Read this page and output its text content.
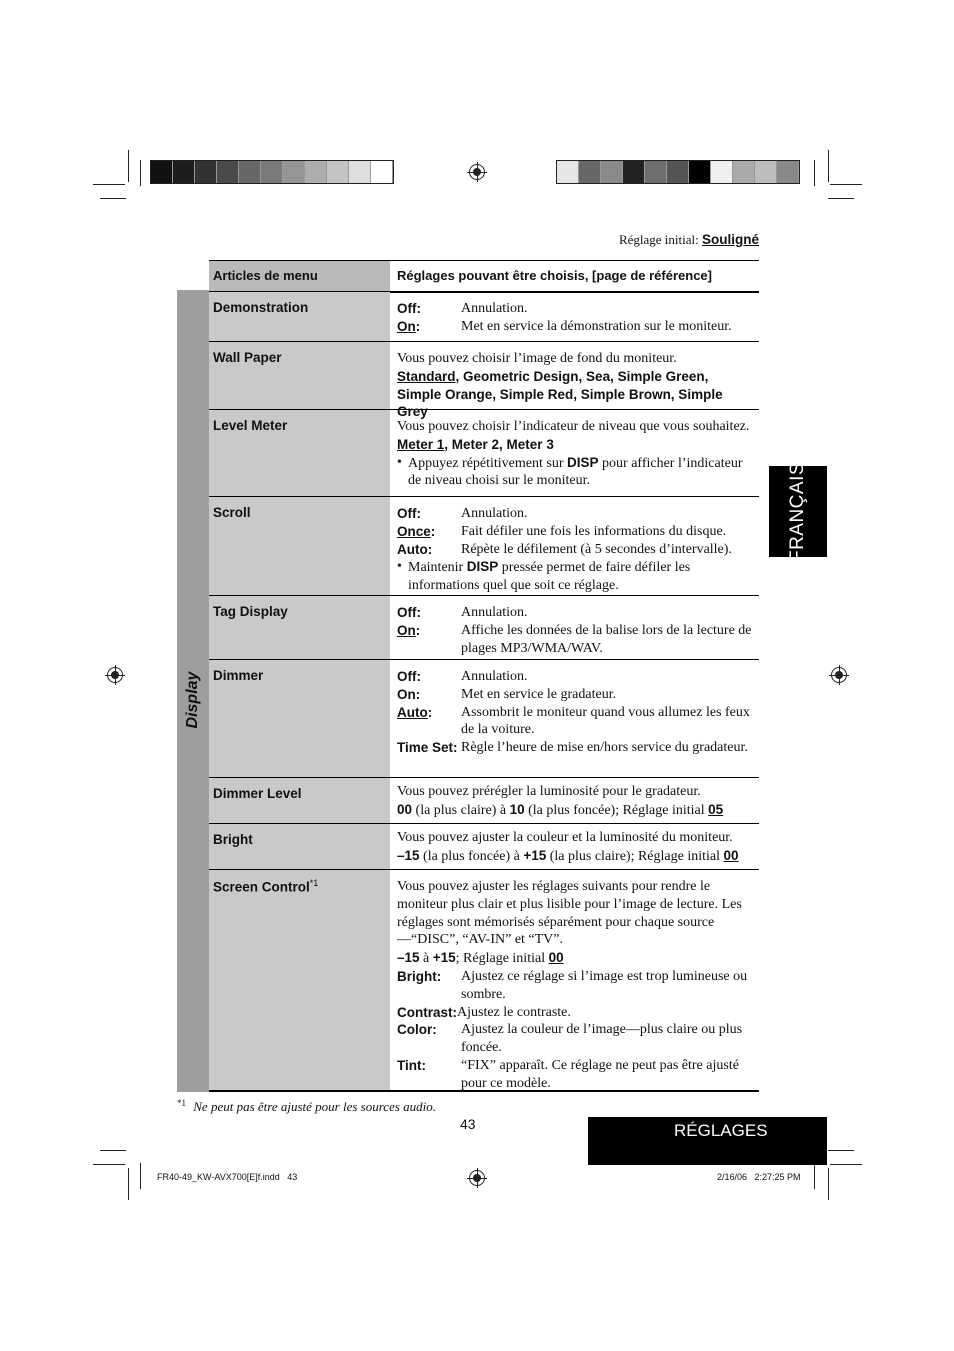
Réglage initial: Souligné
FRANÇAIS
Articles de menu	Réglages pouvant être choisis, [page de référence]
Display
Demonstration	Off:	Annulation.
On:	Met en service la démonstration sur le moniteur.
Wall Paper	Vous pouvez choisir l’image de fond du moniteur.
Standard, Geometric Design, Sea, Simple Green, Simple Orange, Simple Red, Simple Brown, Simple Grey
Level Meter	Vous pouvez choisir l’indicateur de niveau que vous souhaitez.
Meter 1, Meter 2, Meter 3
• Appuyez répétitivement sur DISP pour afficher l’indicateur de niveau choisi sur le moniteur.
Scroll	Off:	Annulation.
Once:	Fait défiler une fois les informations du disque.
Auto:	Répète le défilement (à 5 secondes d’intervalle).
• Maintenir DISP pressée permet de faire défiler les informations quel que soit ce réglage.
Tag Display	Off:	Annulation.
On:	Affiche les données de la balise lors de la lecture de plages MP3/WMA/WAV.
Dimmer	Off:	Annulation.
On:	Met en service le gradateur.
Auto:	Assombrit le moniteur quand vous allumez les feux de la voiture.
Time Set: Règle l’heure de mise en/hors service du gradateur.
Dimmer Level	Vous pouvez prérégler la luminosité pour le gradateur.
00 (la plus claire) à 10 (la plus foncée); Réglage initial 05
Bright	Vous pouvez ajuster la couleur et la luminosité du moniteur.
–15 (la plus foncée) à +15 (la plus claire); Réglage initial 00
Screen Control$^{*1}$	Vous pouvez ajuster les réglages suivants pour rendre le moniteur plus clair et plus lisible pour l’image de lecture. Les réglages sont mémorisés séparément pour chaque source—“DISC”, “AV-IN” et “TV”.
–15 à +15; Réglage initial 00
Bright:	Ajustez ce réglage si l’image est trop lumineuse ou sombre.
Contrast: Ajustez le contraste.
Color:	Ajustez la couleur de l’image—plus claire ou plus foncée.
Tint:	“FIX” apparaît. Ce réglage ne peut pas être ajusté pour ce modèle.
$^{*1}$ Ne peut pas être ajusté pour les sources audio.
43	RÉGLAGES
FR40-49_KW-AVX700[E]f.indd   43	2/16/06   2:27:25 PM
